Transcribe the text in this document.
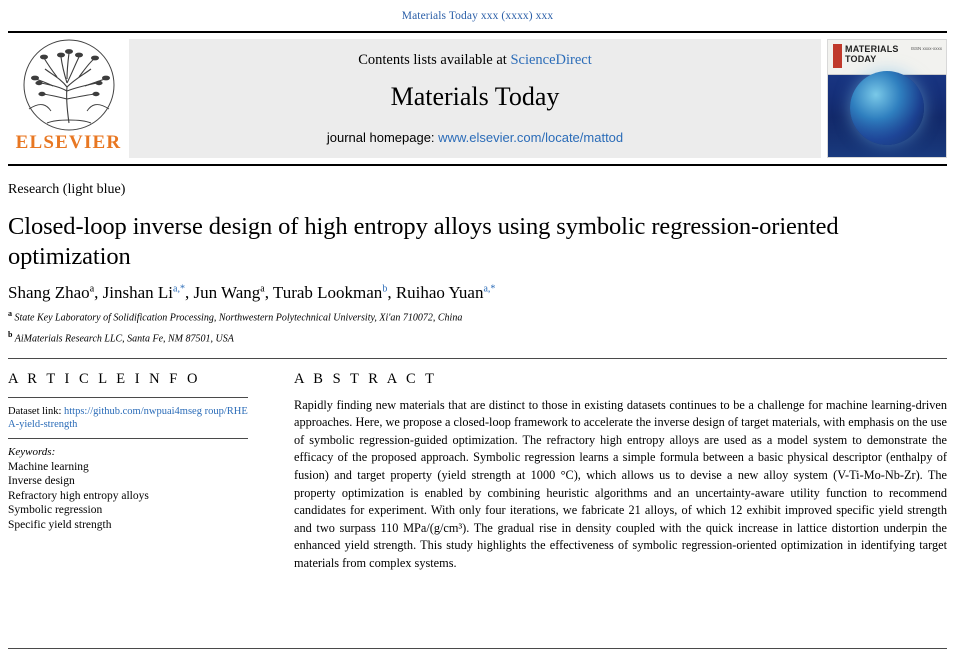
Materials Today xxx (xxxx) xxx
ELSEVIER
Contents lists available at ScienceDirect
Materials Today
journal homepage: www.elsevier.com/locate/mattod
MATERIALS
TODAY
ISSN xxxx-xxxx
Research (light blue)
Closed-loop inverse design of high entropy alloys using symbolic regression-oriented optimization
Shang Zhao$^a$, Jinshan $Li^{a,*}$, Jun Wang$^a$, Turab Lookman$^b$, Ruihao Yuan$^{a,*}$
$^a$ State Key Laboratory of Solidification Processing, Northwestern Polytechnical University, Xi'an 710072, China
$^b$ AiMaterials Research LLC, Santa Fe, NM 87501, USA
A R T I C L E I N F O
Dataset link: https://github.com/nwpuai4mseg roup/RHEA-yield-strength
Keywords:
Machine learning
Inverse design
Refractory high entropy alloys
Symbolic regression
Specific yield strength
A B S T R A C T
Rapidly finding new materials that are distinct to those in existing datasets continues to be a challenge for machine learning-driven approaches. Here, we propose a closed-loop framework to accelerate the inverse design of target materials, with emphasis on the use of symbolic regression-guided optimization. The refractory high entropy alloys are used as a model system to demonstrate the efficacy of the proposed approach. Symbolic regression learns a simple formula between a basic physical descriptor (enthalpy of fusion) and target property (yield strength at 1000 °C), which allows us to devise a new alloy system (V-Ti-Mo-Nb-Zr). The property optimization is enabled by combining heuristic algorithms and an uncertainty-aware utility function to recommend candidates for experiment. With only four iterations, we fabricate 21 alloys, of which 12 exhibit improved specific yield strength and two surpass 110 MPa/(g/cm³). The gradual rise in density coupled with the quick increase in lattice distortion underpin the enhanced yield strength. This study highlights the effectiveness of symbolic regression-oriented optimization in identifying target materials from complex systems.
